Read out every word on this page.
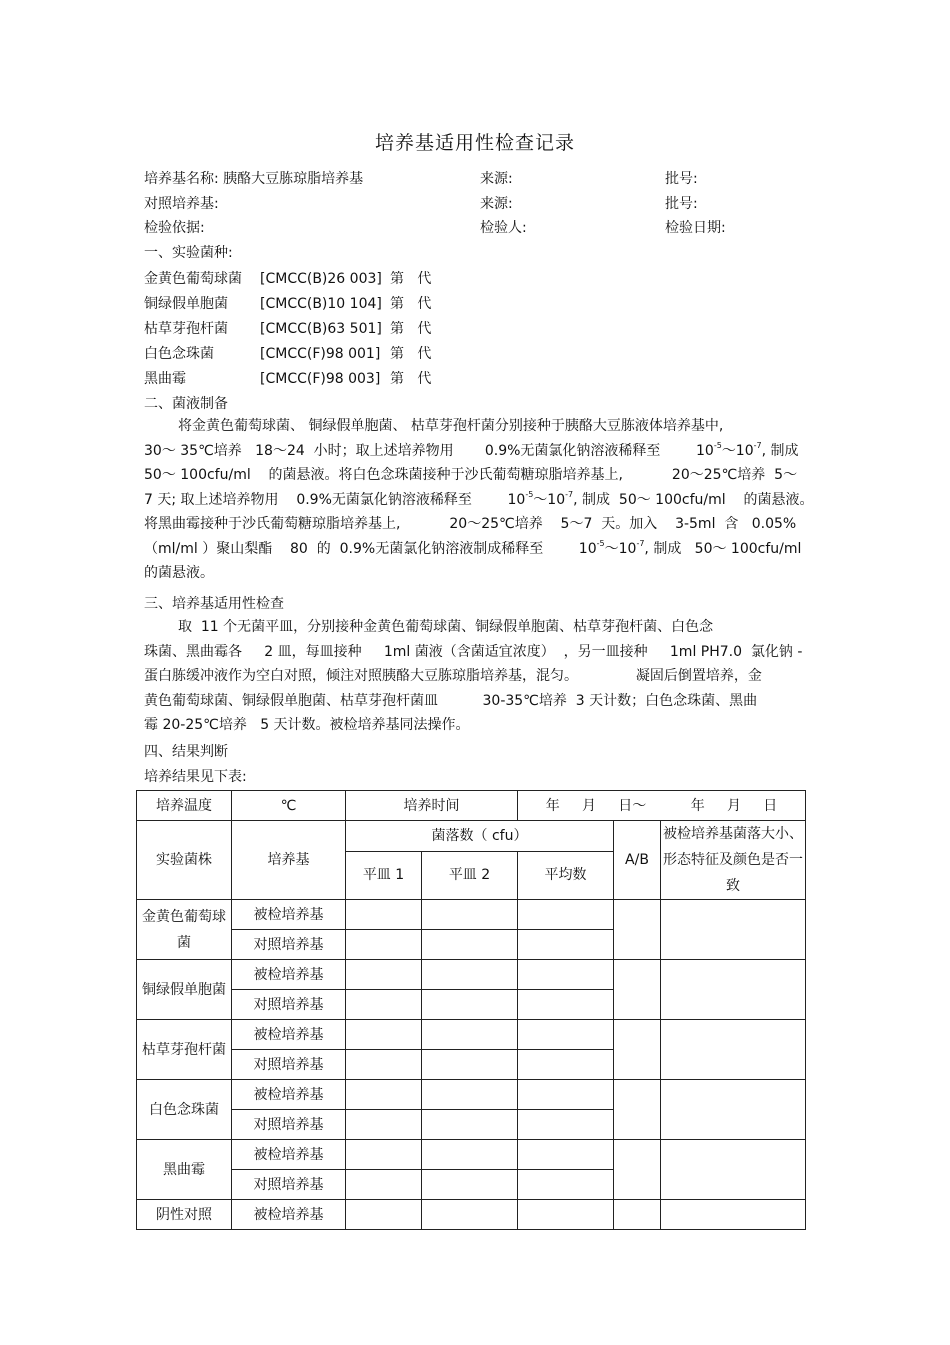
培养基适用性检查记录
培养基名称: 胰酪大豆胨琼脂培养基	来源:	批号:
对照培养基:	来源:	批号:
检验依据:	检验人:	检验日期:
一、实验菌种:
金黄色葡萄球菌 [CMCC(B)26 003] 第   代
铜绿假单胞菌 [CMCC(B)10 104] 第   代
枯草芽孢杆菌 [CMCC(B)63 501] 第   代
白色念珠菌	[CMCC(F)98 001] 第   代
黑曲霉	[CMCC(F)98 003] 第   代
二、菌液制备

将金黄色葡萄球菌、 铜绿假单胞菌、 枯草芽孢杆菌分别接种于胰酪大豆胨液体培养基中,

30～ 35℃培养   18～24  小时；取上述培养物用       0.9%无菌氯化钠溶液稀释至        $10^{-5}\sim 10^{-7}$, 制成

50～ 100cfu/ml    的菌悬液。将白色念珠菌接种于沙氏葡萄糖琼脂培养基上,           20～25℃培养  5～

7 天; 取上述培养物用    0.9%无菌氯化钠溶液稀释至        $10^{-5}\sim 10^{-7}$, 制成  50～ 100cfu/ml    的菌悬液。

将黑曲霉接种于沙氏葡萄糖琼脂培养基上,           20～25℃培养    5～7  天。加入    3-5ml  含   0.05%

（ml/ml ）聚山梨酯    80  的  0.9%无菌氯化钠溶液制成稀释至        $10^{-5}\sim 10^{-7}$, 制成   50～ 100cfu/ml

的菌悬液。

三、培养基适用性检查

取  11 个无菌平皿，分别接种金黄色葡萄球菌、铜绿假单胞菌、枯草芽孢杆菌、白色念

珠菌、黑曲霉各     2 皿，每皿接种     1ml 菌液（含菌适宜浓度）  ，另一皿接种     1ml PH7.0  氯化钠 -

蛋白胨缓冲液作为空白对照，倾注对照胰酪大豆胨琼脂培养基，混匀。             凝固后倒置培养，金

黄色葡萄球菌、铜绿假单胞菌、枯草芽孢杆菌皿          30-35℃培养  3 天计数；白色念珠菌、黑曲

霉 20-25℃培养   5 天计数。被检培养基同法操作。

四、结果判断
培养结果见下表:
培养温度	℃	培养时间		年     月     日～          年     月     日		
实验菌株	培养基	菌落数（ cfu）			A/B	被检培养基菌落大小、形态特征及颜色是否一致
		平皿 1	平皿 2	平均数		
金黄色葡萄球菌	被检培养基					
	对照培养基					
铜绿假单胞菌	被检培养基					
	对照培养基					
枯草芽孢杆菌	被检培养基					
	对照培养基					
白色念珠菌	被检培养基					
	对照培养基					
黑曲霉	被检培养基					
	对照培养基					
阴性对照	被检培养基					
